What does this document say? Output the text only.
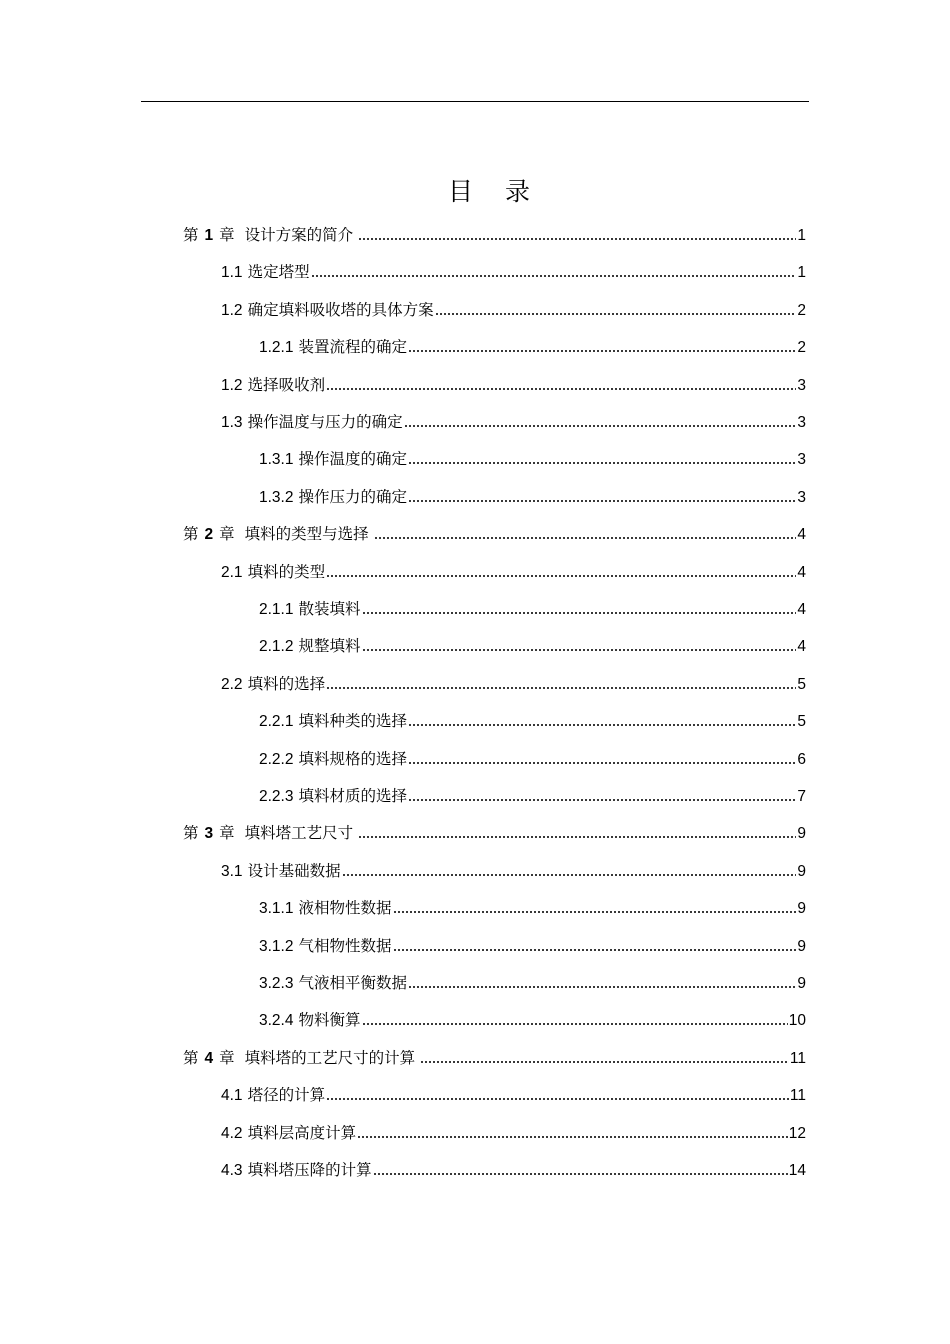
目 录
第 1 章 设计方案的简介	1
1.1 选定塔型	1
1.2 确定填料吸收塔的具体方案	2
1.2.1 装置流程的确定	2
1.2 选择吸收剂	3
1.3 操作温度与压力的确定	3
1.3.1 操作温度的确定	3
1.3.2 操作压力的确定	3
第 2 章 填料的类型与选择	4
2.1 填料的类型	4
2.1.1 散装填料	4
2.1.2 规整填料	4
2.2 填料的选择	5
2.2.1 填料种类的选择	5
2.2.2 填料规格的选择	6
2.2.3 填料材质的选择	7
第 3 章 填料塔工艺尺寸	9
3.1 设计基础数据	9
3.1.1 液相物性数据	9
3.1.2 气相物性数据	9
3.2.3 气液相平衡数据	9
3.2.4 物料衡算	10
第 4 章 填料塔的工艺尺寸的计算	11
4.1 塔径的计算	11
4.2 填料层高度计算	12
4.3 填料塔压降的计算	14
